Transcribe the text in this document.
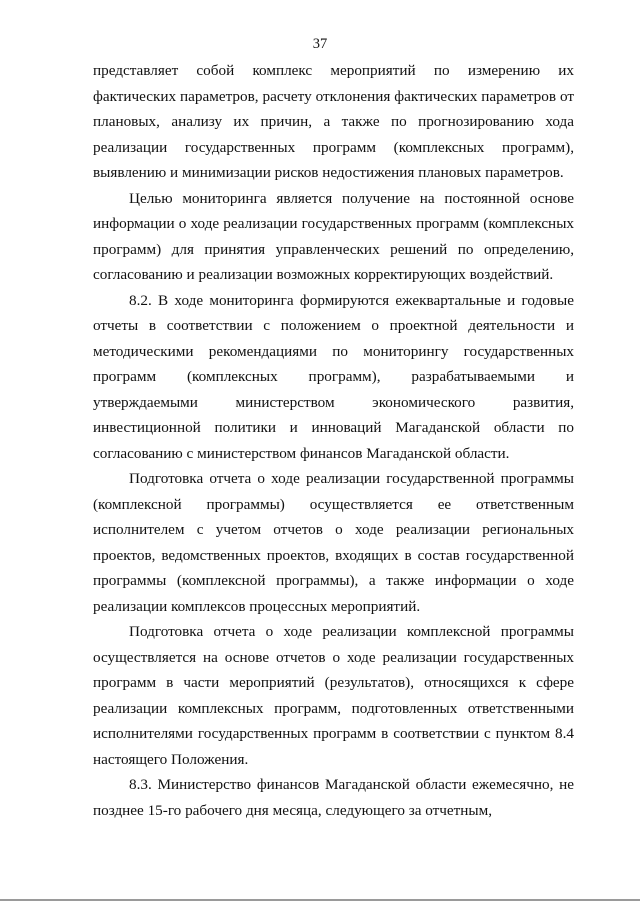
37

представляет собой комплекс мероприятий по измерению их фактических параметров, расчету отклонения фактических параметров от плановых, анализу их причин, а также по прогнозированию хода реализации государственных программ (комплексных программ), выявлению и минимизации рисков недостижения плановых параметров.

Целью мониторинга является получение на постоянной основе информации о ходе реализации государственных программ (комплексных программ) для принятия управленческих решений по определению, согласованию и реализации возможных корректирующих воздействий.

8.2. В ходе мониторинга формируются ежеквартальные и годовые отчеты в соответствии с положением о проектной деятельности и методическими рекомендациями по мониторингу государственных программ (комплексных программ), разрабатываемыми и утверждаемыми министерством экономического развития, инвестиционной политики и инноваций Магаданской области по согласованию с министерством финансов Магаданской области.

Подготовка отчета о ходе реализации государственной программы (комплексной программы) осуществляется ее ответственным исполнителем с учетом отчетов о ходе реализации региональных проектов, ведомственных проектов, входящих в состав государственной программы (комплексной программы), а также информации о ходе реализации комплексов процессных мероприятий.

Подготовка отчета о ходе реализации комплексной программы осуществляется на основе отчетов о ходе реализации государственных программ в части мероприятий (результатов), относящихся к сфере реализации комплексных программ, подготовленных ответственными исполнителями государственных программ в соответствии с пунктом 8.4 настоящего Положения.

8.3. Министерство финансов Магаданской области ежемесячно, не позднее 15-го рабочего дня месяца, следующего за отчетным,
